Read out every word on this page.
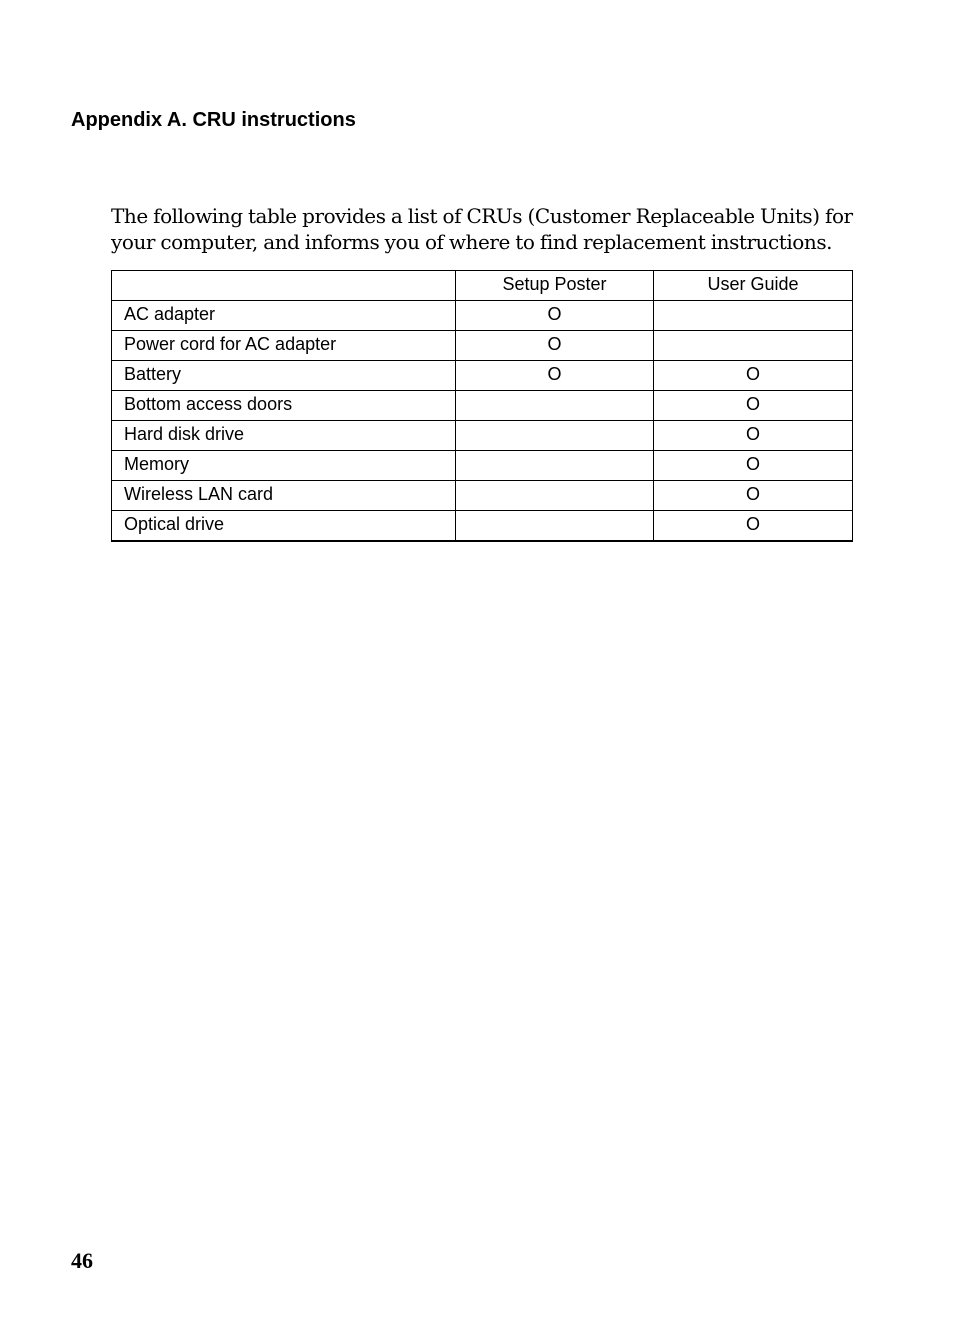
Appendix A. CRU instructions

The following table provides a list of CRUs (Customer Replaceable Units) for your computer, and informs you of where to find replacement instructions.

	Setup Poster	User Guide
AC adapter	O	
Power cord for AC adapter	O	
Battery	O	O
Bottom access doors		O
Hard disk drive		O
Memory		O
Wireless LAN card		O
Optical drive		O
46
